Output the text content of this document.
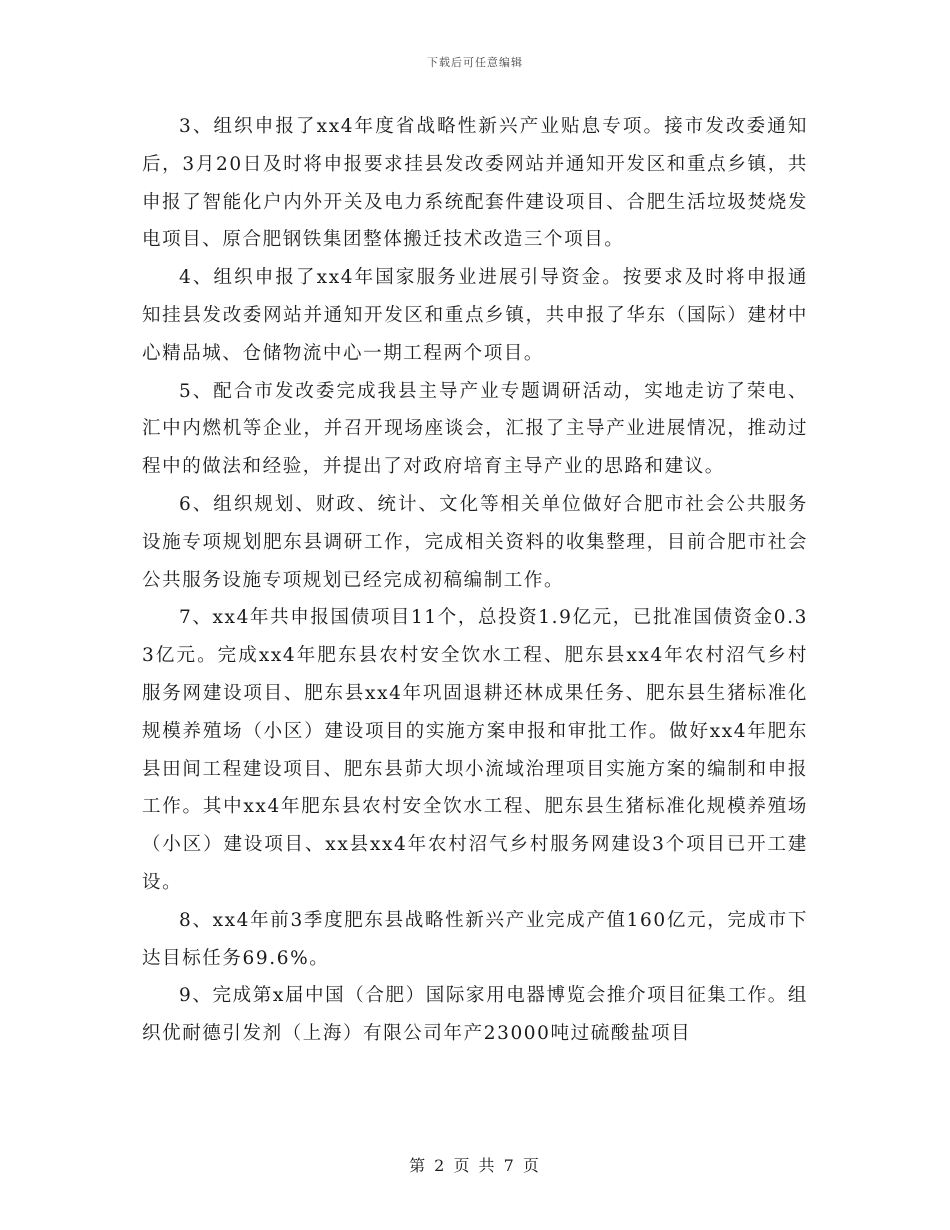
下载后可任意编辑

3、组织申报了xx4年度省战略性新兴产业贴息专项。接市发改委通知后，3月20日及时将申报要求挂县发改委网站并通知开发区和重点乡镇，共申报了智能化户内外开关及电力系统配套件建设项目、合肥生活垃圾焚烧发电项目、原合肥钢铁集团整体搬迁技术改造三个项目。

4、组织申报了xx4年国家服务业进展引导资金。按要求及时将申报通知挂县发改委网站并通知开发区和重点乡镇，共申报了华东（国际）建材中心精品城、仓储物流中心一期工程两个项目。

5、配合市发改委完成我县主导产业专题调研活动，实地走访了荣电、汇中内燃机等企业，并召开现场座谈会，汇报了主导产业进展情况，推动过程中的做法和经验，并提出了对政府培育主导产业的思路和建议。

6、组织规划、财政、统计、文化等相关单位做好合肥市社会公共服务设施专项规划肥东县调研工作，完成相关资料的收集整理，目前合肥市社会公共服务设施专项规划已经完成初稿编制工作。

7、xx4年共申报国债项目11个，总投资1.9亿元，已批准国债资金0.33亿元。完成xx4年肥东县农村安全饮水工程、肥东县xx4年农村沼气乡村服务网建设项目、肥东县xx4年巩固退耕还林成果任务、肥东县生猪标准化规模养殖场（小区）建设项目的实施方案申报和审批工作。做好xx4年肥东县田间工程建设项目、肥东县茆大坝小流域治理项目实施方案的编制和申报工作。其中xx4年肥东县农村安全饮水工程、肥东县生猪标准化规模养殖场（小区）建设项目、xx县xx4年农村沼气乡村服务网建设3个项目已开工建设。

8、xx4年前3季度肥东县战略性新兴产业完成产值160亿元，完成市下达目标任务69.6%。

9、完成第x届中国（合肥）国际家用电器博览会推介项目征集工作。组织优耐德引发剂（上海）有限公司年产23000吨过硫酸盐项目

第 2 页 共 7 页
